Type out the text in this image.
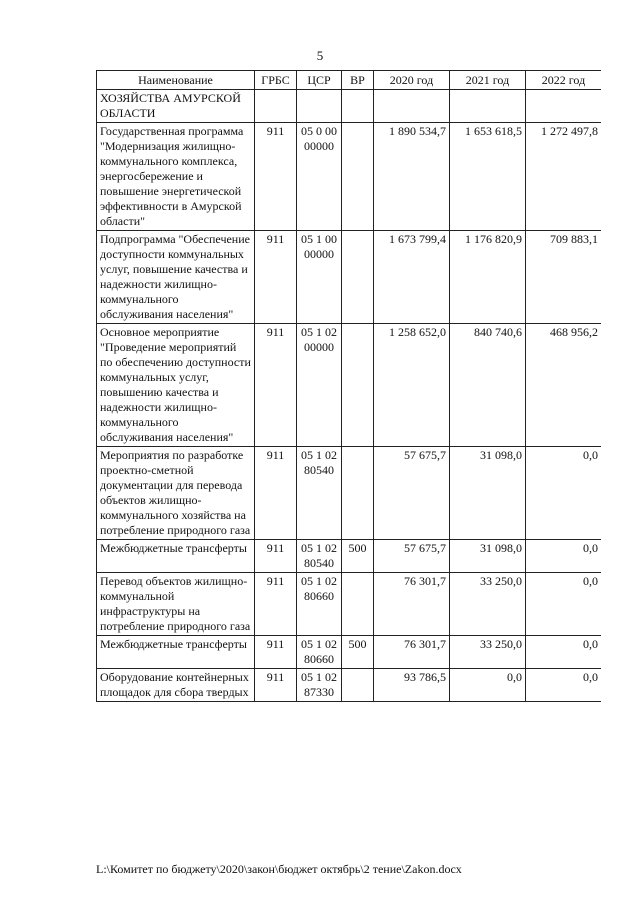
5
Наименование	ГРБС	ЦСР	ВР	2020 год	2021 год	2022 год
ХОЗЯЙСТВА АМУРСКОЙ ОБЛАСТИ						
Государственная программа "Модернизация жилищно-коммунального комплекса, энергосбережение и повышение энергетической эффективности в Амурской области"	911	05 0 00 00000		1 890 534,7	1 653 618,5	1 272 497,8
Подпрограмма "Обеспечение доступности коммунальных услуг, повышение качества и надежности жилищно-коммунального обслуживания населения"	911	05 1 00 00000		1 673 799,4	1 176 820,9	709 883,1
Основное мероприятие "Проведение мероприятий по обеспечению доступности коммунальных услуг, повышению качества и надежности жилищно-коммунального обслуживания населения"	911	05 1 02 00000		1 258 652,0	840 740,6	468 956,2
Мероприятия по разработке проектно-сметной документации для перевода объектов жилищно-коммунального хозяйства на потребление природного газа	911	05 1 02 80540		57 675,7	31 098,0	0,0
Межбюджетные трансферты	911	05 1 02 80540	500	57 675,7	31 098,0	0,0
Перевод объектов жилищно-коммунальной инфраструктуры на потребление природного газа	911	05 1 02 80660		76 301,7	33 250,0	0,0
Межбюджетные трансферты	911	05 1 02 80660	500	76 301,7	33 250,0	0,0
Оборудование контейнерных площадок для сбора твердых	911	05 1 02 87330		93 786,5	0,0	0,0
L:\Комитет по бюджету\2020\закон\бюджет октябрь\2 тение\Zakon.docx
